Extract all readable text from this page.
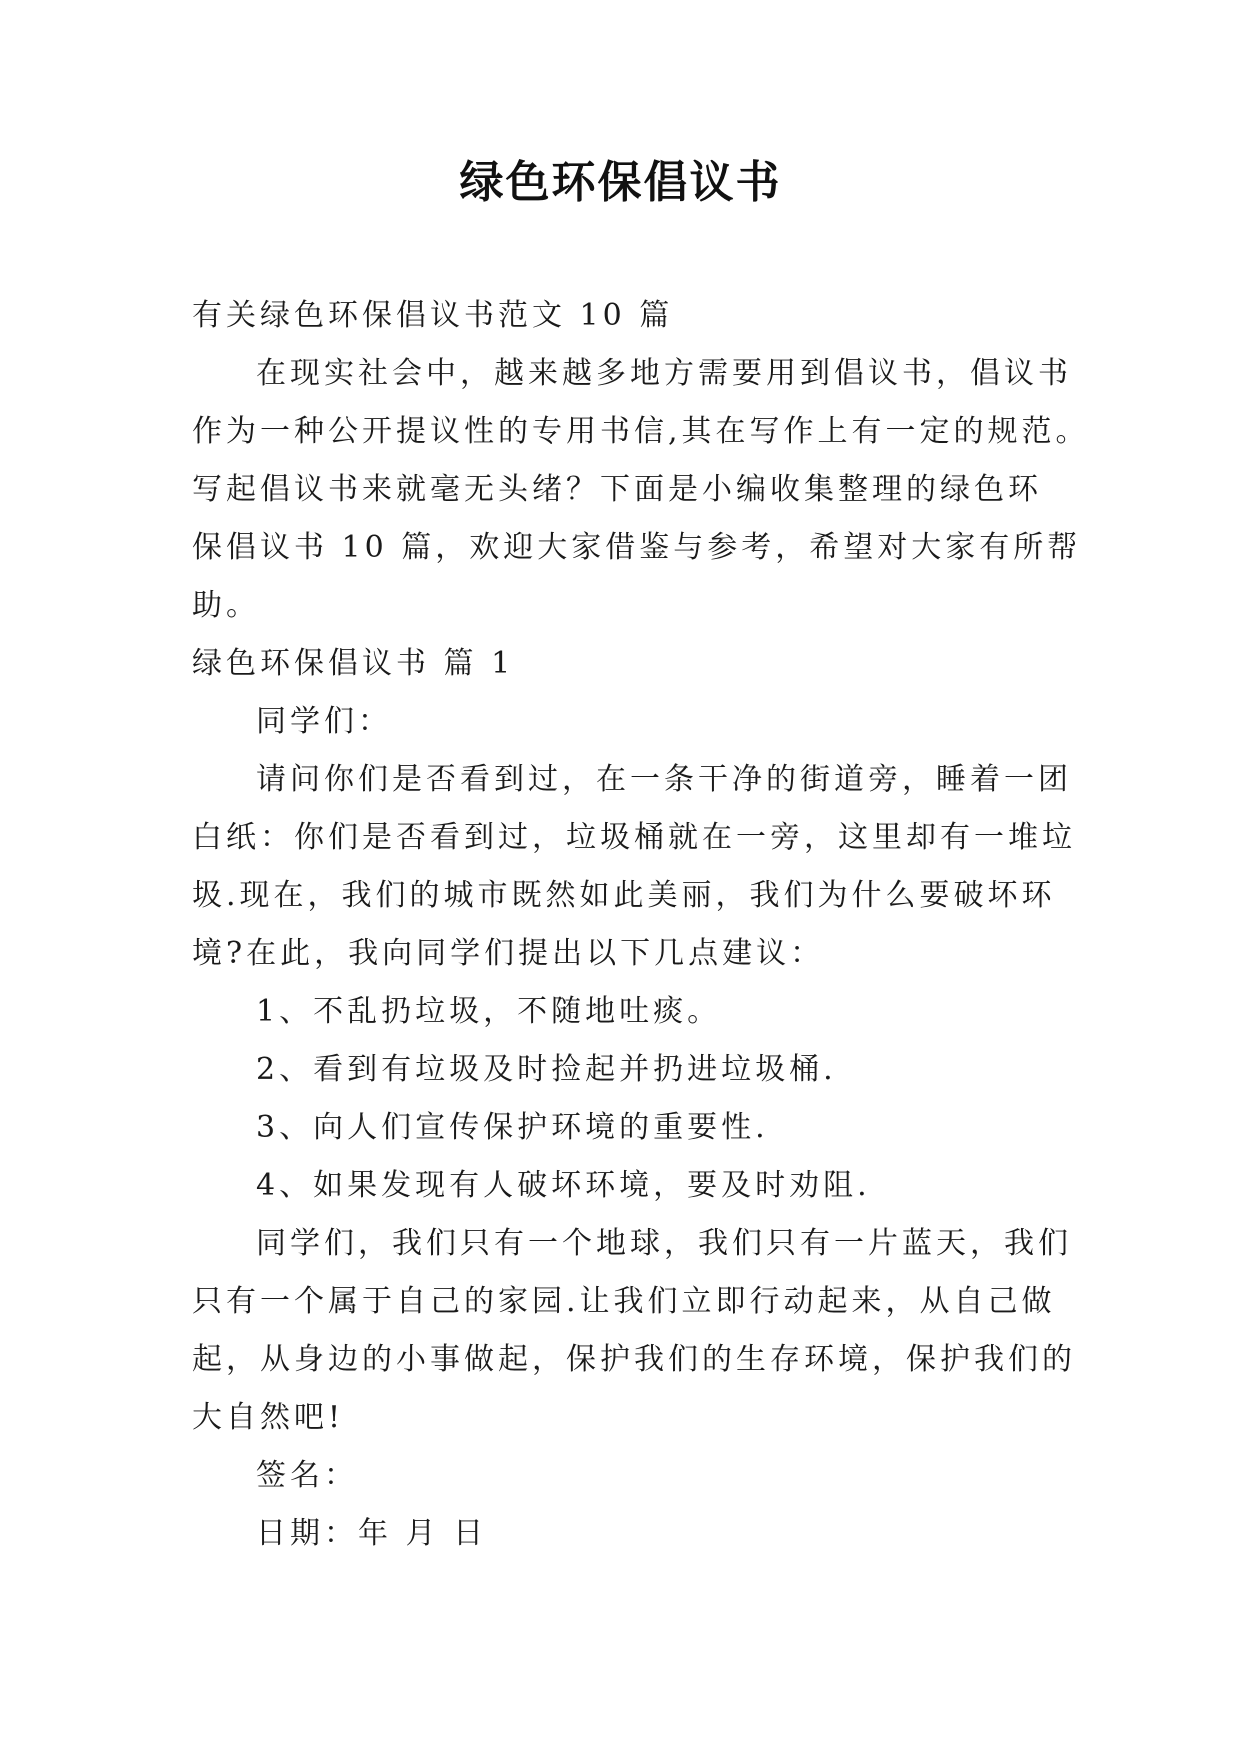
绿色环保倡议书
有关绿色环保倡议书范文 10 篇
在现实社会中，越来越多地方需要用到倡议书，倡议书
作为一种公开提议性的专用书信,其在写作上有一定的规范。
写起倡议书来就毫无头绪？下面是小编收集整理的绿色环
保倡议书 10 篇，欢迎大家借鉴与参考，希望对大家有所帮
助。
绿色环保倡议书 篇 1
同学们：
请问你们是否看到过，在一条干净的街道旁，睡着一团
白纸：你们是否看到过，垃圾桶就在一旁，这里却有一堆垃
圾.现在，我们的城市既然如此美丽，我们为什么要破坏环
境?在此，我向同学们提出以下几点建议：
1、不乱扔垃圾，不随地吐痰。
2、看到有垃圾及时捡起并扔进垃圾桶.
3、向人们宣传保护环境的重要性.
4、如果发现有人破坏环境，要及时劝阻.
同学们，我们只有一个地球，我们只有一片蓝天，我们
只有一个属于自己的家园.让我们立即行动起来，从自己做
起，从身边的小事做起，保护我们的生存环境，保护我们的
大自然吧!
签名：
日期：年 月 日
